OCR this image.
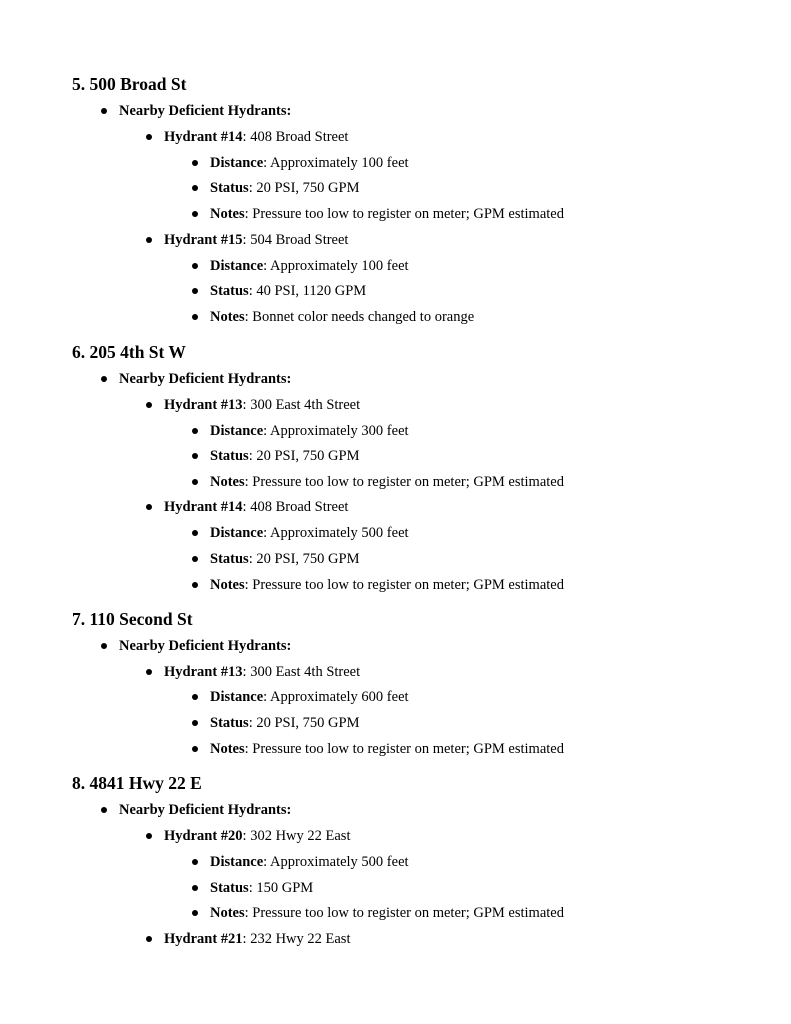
5. 500 Broad St
Nearby Deficient Hydrants:
Hydrant #14: 408 Broad Street
Distance: Approximately 100 feet
Status: 20 PSI, 750 GPM
Notes: Pressure too low to register on meter; GPM estimated
Hydrant #15: 504 Broad Street
Distance: Approximately 100 feet
Status: 40 PSI, 1120 GPM
Notes: Bonnet color needs changed to orange
6. 205 4th St W
Nearby Deficient Hydrants:
Hydrant #13: 300 East 4th Street
Distance: Approximately 300 feet
Status: 20 PSI, 750 GPM
Notes: Pressure too low to register on meter; GPM estimated
Hydrant #14: 408 Broad Street
Distance: Approximately 500 feet
Status: 20 PSI, 750 GPM
Notes: Pressure too low to register on meter; GPM estimated
7. 110 Second St
Nearby Deficient Hydrants:
Hydrant #13: 300 East 4th Street
Distance: Approximately 600 feet
Status: 20 PSI, 750 GPM
Notes: Pressure too low to register on meter; GPM estimated
8. 4841 Hwy 22 E
Nearby Deficient Hydrants:
Hydrant #20: 302 Hwy 22 East
Distance: Approximately 500 feet
Status: 150 GPM
Notes: Pressure too low to register on meter; GPM estimated
Hydrant #21: 232 Hwy 22 East
